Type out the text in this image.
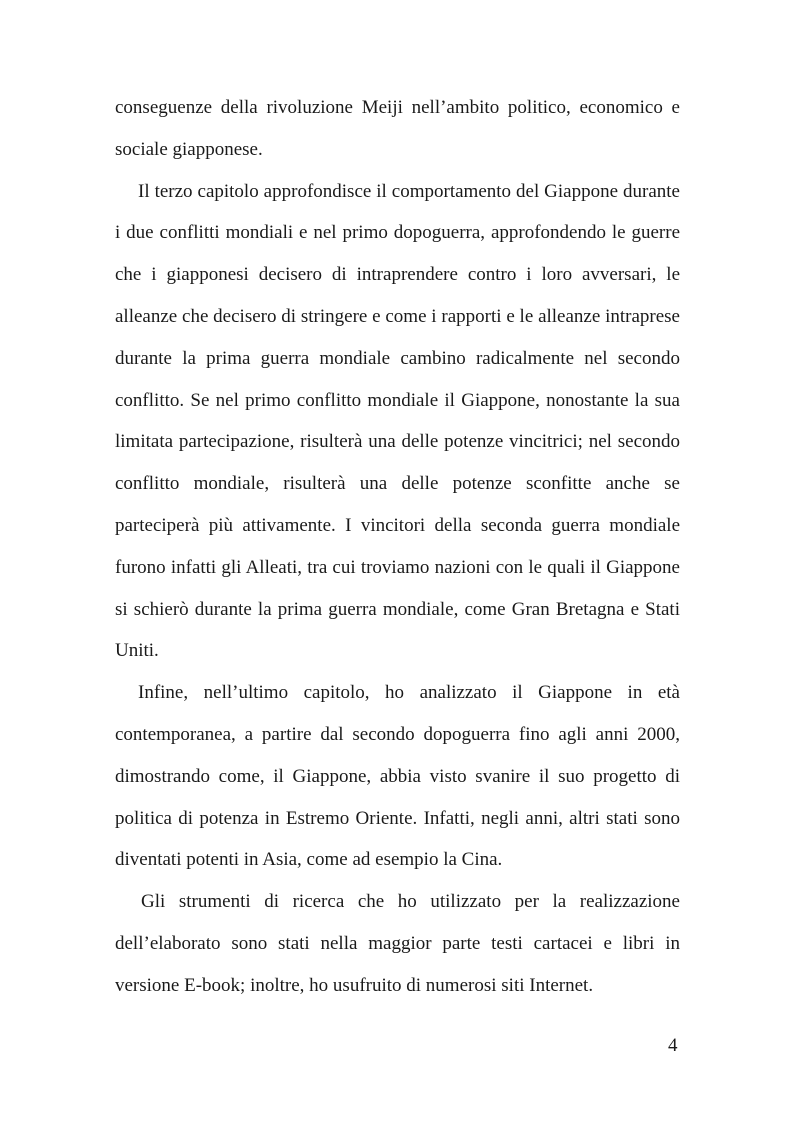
conseguenze della rivoluzione Meiji nell’ambito politico, economico e sociale giapponese.

Il terzo capitolo approfondisce il comportamento del Giappone durante i due conflitti mondiali e nel primo dopoguerra, approfondendo le guerre che i giapponesi decisero di intraprendere contro i loro avversari, le alleanze che decisero di stringere e come i rapporti e le alleanze intraprese durante la prima guerra mondiale cambino radicalmente nel secondo conflitto. Se nel primo conflitto mondiale il Giappone, nonostante la sua limitata partecipazione, risulterà una delle potenze vincitrici; nel secondo conflitto mondiale, risulterà una delle potenze sconfitte anche se parteciperà più attivamente. I vincitori della seconda guerra mondiale furono infatti gli Alleati, tra cui troviamo nazioni con le quali il Giappone si schierò durante la prima guerra mondiale, come Gran Bretagna e Stati Uniti.

Infine, nell’ultimo capitolo, ho analizzato il Giappone in età contemporanea, a partire dal secondo dopoguerra fino agli anni 2000, dimostrando come, il Giappone, abbia visto svanire il suo progetto di politica di potenza in Estremo Oriente. Infatti, negli anni, altri stati sono diventati potenti in Asia, come ad esempio la Cina.

Gli strumenti di ricerca che ho utilizzato per la realizzazione dell’elaborato sono stati nella maggior parte testi cartacei e libri in versione E-book; inoltre, ho usufruito di numerosi siti Internet.

4
